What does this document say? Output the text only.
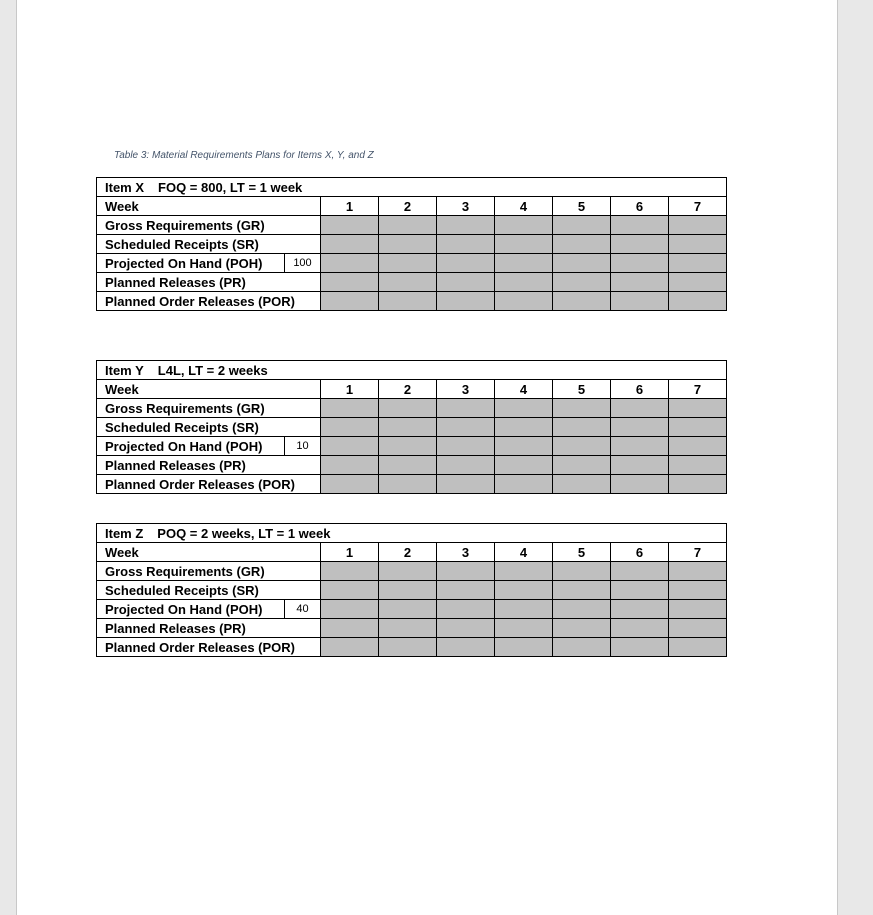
Table 3: Material Requirements Plans for Items X, Y, and Z
Item X FOQ = 800, LT = 1 week								
Week		1	2	3	4	5	6	7
Gross Requirements (GR)								
Scheduled Receipts (SR)								
Projected On Hand (POH)	100							
Planned Releases (PR)								
Planned Order Releases (POR)								
Item Y L4L, LT = 2 weeks								
Week		1	2	3	4	5	6	7
Gross Requirements (GR)								
Scheduled Receipts (SR)								
Projected On Hand (POH)	10							
Planned Releases (PR)								
Planned Order Releases (POR)								
Item Z POQ = 2 weeks, LT = 1 week								
Week		1	2	3	4	5	6	7
Gross Requirements (GR)								
Scheduled Receipts (SR)								
Projected On Hand (POH)	40							
Planned Releases (PR)								
Planned Order Releases (POR)								
